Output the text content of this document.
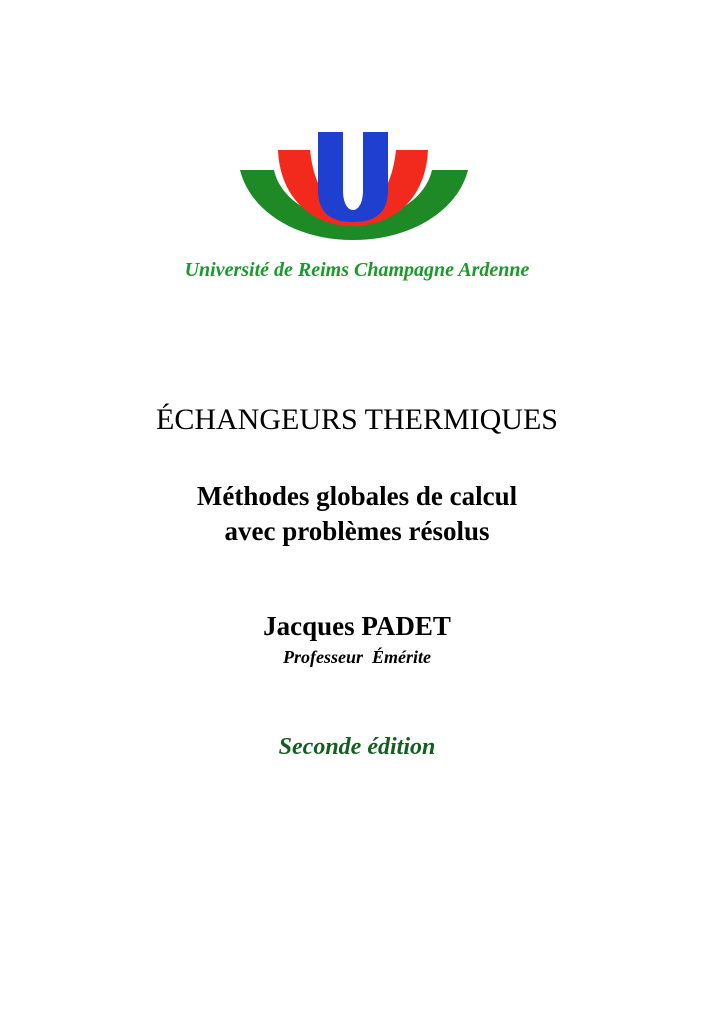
Université de Reims Champagne Ardenne
ÉCHANGEURS THERMIQUES
Méthodes globales de calcul
avec problèmes résolus
Jacques PADET
Professeur  Émérite
Seconde édition
